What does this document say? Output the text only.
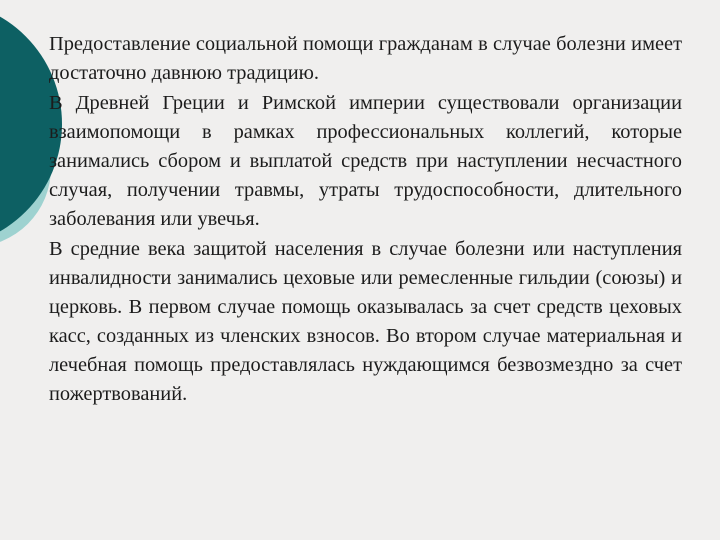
Предоставление социальной помощи гражданам в случае болезни имеет достаточно давнюю традицию.

В Древней Греции и Римской империи существовали организации взаимопомощи в рамках профессиональных коллегий, которые занимались сбором и выплатой средств при наступлении несчастного случая, получении травмы, утраты трудоспособности, длительного заболевания или увечья.

В средние века защитой населения в случае болезни или наступления инвалидности занимались цеховые или ремесленные гильдии (союзы) и церковь. В первом случае помощь оказывалась за счет средств цеховых касс, созданных из членских взносов. Во втором случае материальная и лечебная помощь предоставлялась нуждающимся безвозмездно за счет пожертвований.
